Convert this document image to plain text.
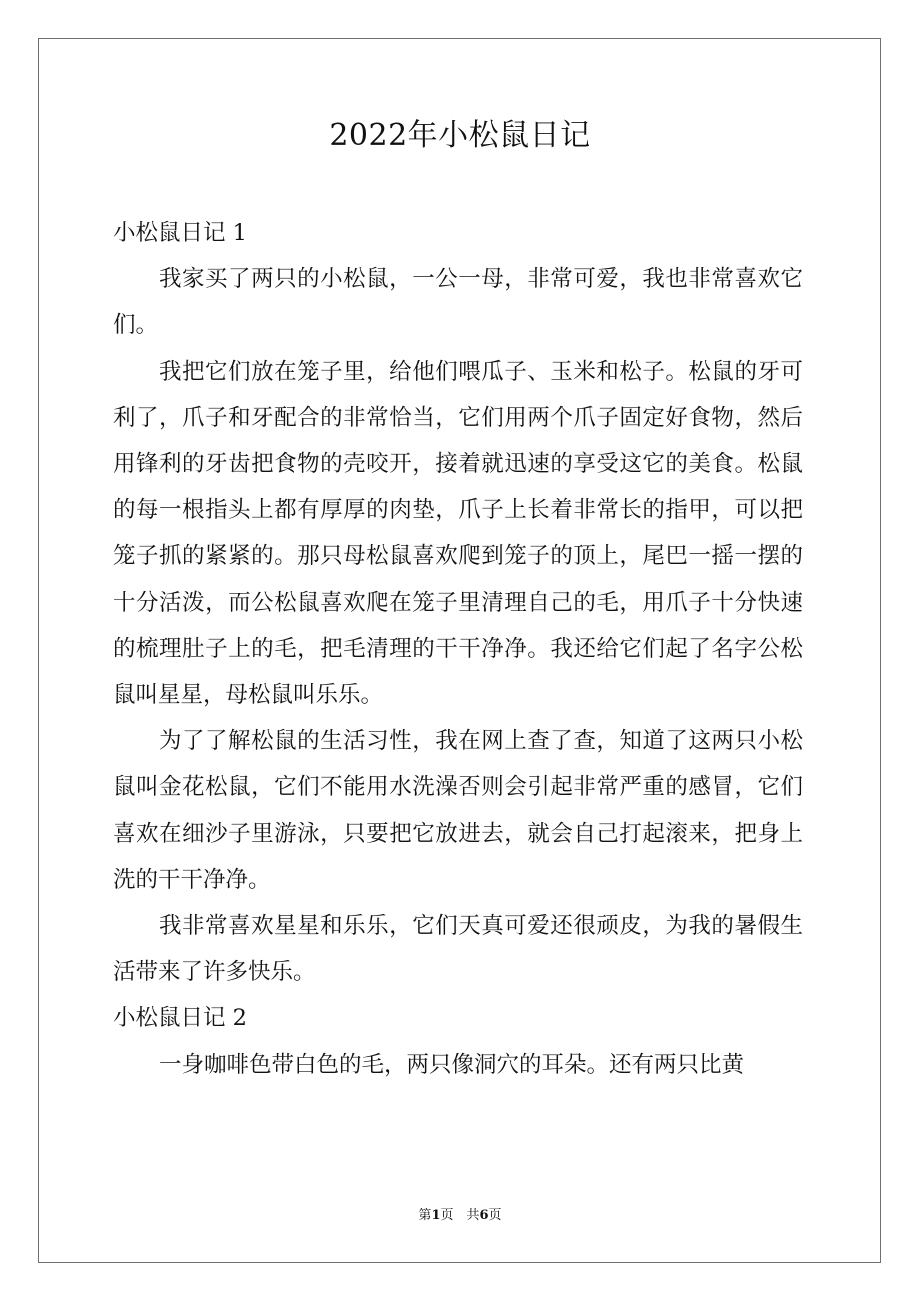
2022年小松鼠日记

小松鼠日记 1

我家买了两只的小松鼠，一公一母，非常可爱，我也非常喜欢它们。

我把它们放在笼子里，给他们喂瓜子、玉米和松子。松鼠的牙可利了，爪子和牙配合的非常恰当，它们用两个爪子固定好食物，然后用锋利的牙齿把食物的壳咬开，接着就迅速的享受这它的美食。松鼠的每一根指头上都有厚厚的肉垫，爪子上长着非常长的指甲，可以把笼子抓的紧紧的。那只母松鼠喜欢爬到笼子的顶上，尾巴一摇一摆的十分活泼，而公松鼠喜欢爬在笼子里清理自己的毛，用爪子十分快速的梳理肚子上的毛，把毛清理的干干净净。我还给它们起了名字公松鼠叫星星，母松鼠叫乐乐。

为了了解松鼠的生活习性，我在网上查了查，知道了这两只小松鼠叫金花松鼠，它们不能用水洗澡否则会引起非常严重的感冒，它们喜欢在细沙子里游泳，只要把它放进去，就会自己打起滚来，把身上洗的干干净净。

我非常喜欢星星和乐乐，它们天真可爱还很顽皮，为我的暑假生活带来了许多快乐。

小松鼠日记 2

一身咖啡色带白色的毛，两只像洞穴的耳朵。还有两只比黄

第1页　共6页
